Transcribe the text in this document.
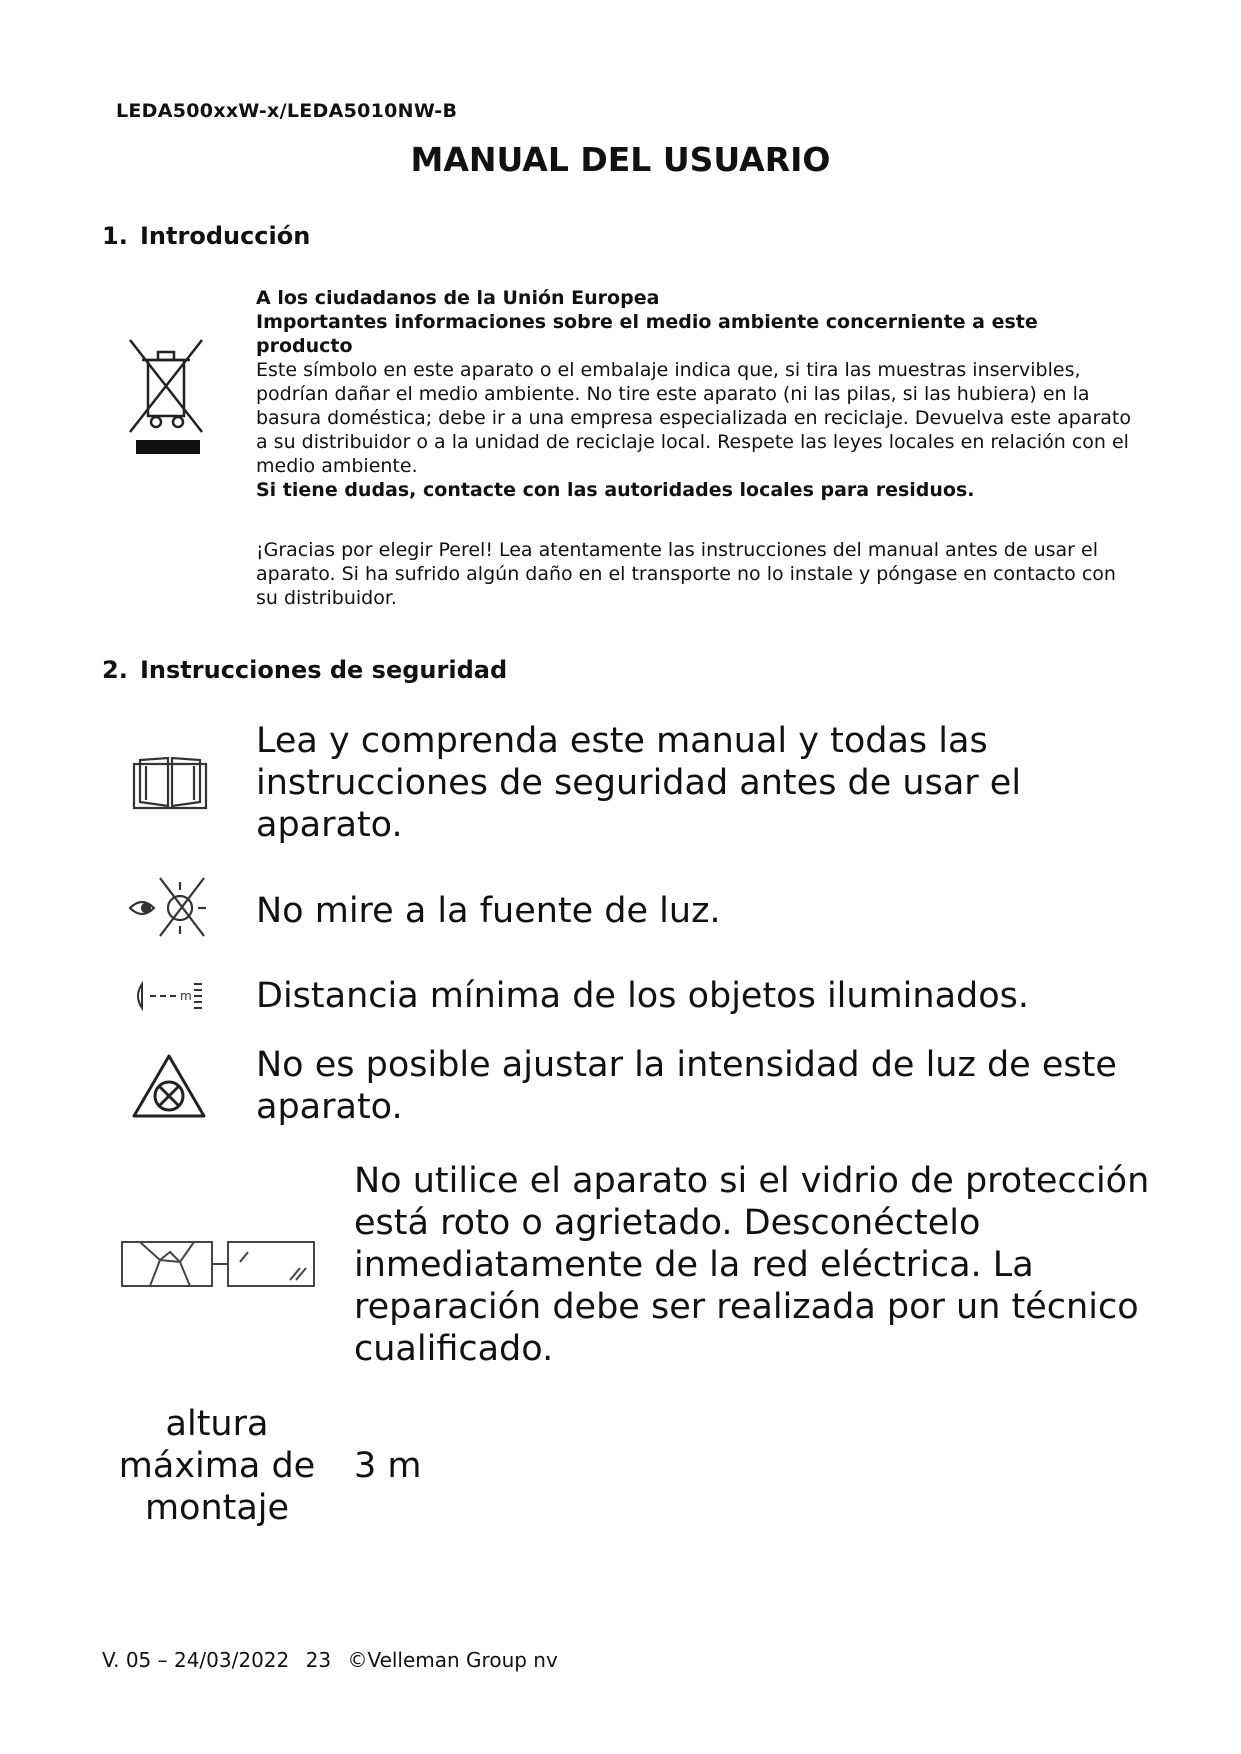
LEDA500xxW-x/LEDA5010NW-B
MANUAL DEL USUARIO
1. Introducción
A los ciudadanos de la Unión Europea
Importantes informaciones sobre el medio ambiente concerniente a este producto
Este símbolo en este aparato o el embalaje indica que, si tira las muestras inservibles, podrían dañar el medio ambiente. No tire este aparato (ni las pilas, si las hubiera) en la basura doméstica; debe ir a una empresa especializada en reciclaje. Devuelva este aparato a su distribuidor o a la unidad de reciclaje local. Respete las leyes locales en relación con el medio ambiente.
Si tiene dudas, contacte con las autoridades locales para residuos.
¡Gracias por elegir Perel! Lea atentamente las instrucciones del manual antes de usar el aparato. Si ha sufrido algún daño en el transporte no lo instale y póngase en contacto con su distribuidor.
2. Instrucciones de seguridad
Lea y comprenda este manual y todas las instrucciones de seguridad antes de usar el aparato.
No mire a la fuente de luz.
m Distancia mínima de los objetos iluminados.
No es posible ajustar la intensidad de luz de este aparato.
No utilice el aparato si el vidrio de protección está roto o agrietado. Desconéctelo inmediatamente de la red eléctrica. La reparación debe ser realizada por un técnico cualificado.
altura máxima de montaje
3 m
V. 05 – 24/03/2022 23 ©Velleman Group nv
